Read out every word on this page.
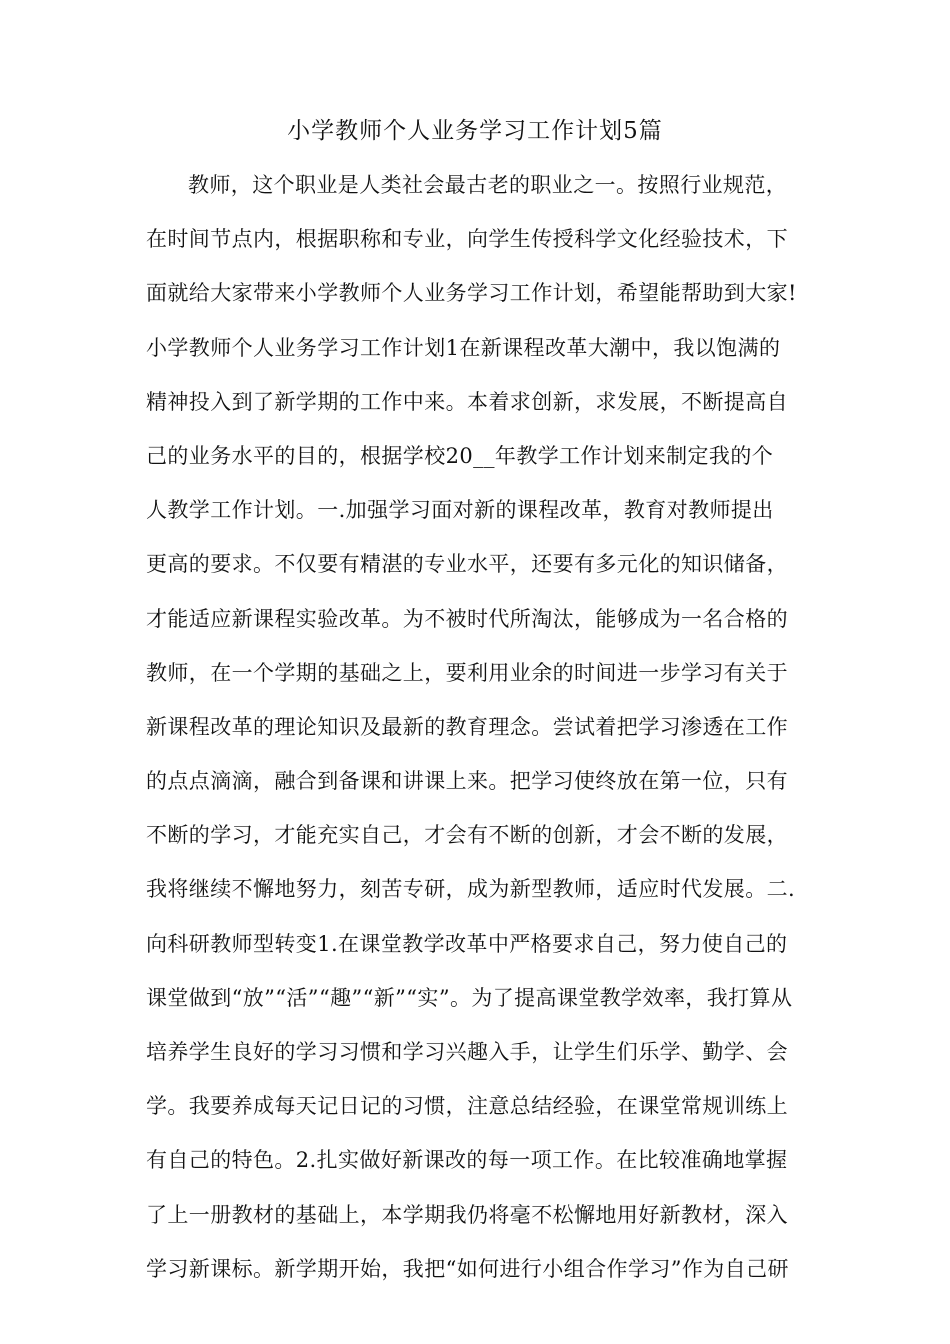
小学教师个人业务学习工作计划5篇
教师，这个职业是人类社会最古老的职业之一。按照行业规范，
在时间节点内，根据职称和专业，向学生传授科学文化经验技术，下
面就给大家带来小学教师个人业务学习工作计划，希望能帮助到大家!
小学教师个人业务学习工作计划1在新课程改革大潮中，我以饱满的
精神投入到了新学期的工作中来。本着求创新，求发展，不断提高自
己的业务水平的目的，根据学校20__年教学工作计划来制定我的个
人教学工作计划。一.加强学习面对新的课程改革，教育对教师提出
更高的要求。不仅要有精湛的专业水平，还要有多元化的知识储备，
才能适应新课程实验改革。为不被时代所淘汰，能够成为一名合格的
教师，在一个学期的基础之上，要利用业余的时间进一步学习有关于
新课程改革的理论知识及最新的教育理念。尝试着把学习渗透在工作
的点点滴滴，融合到备课和讲课上来。把学习使终放在第一位，只有
不断的学习，才能充实自己，才会有不断的创新，才会不断的发展，
我将继续不懈地努力，刻苦专研，成为新型教师，适应时代发展。二.
向科研教师型转变1.在课堂教学改革中严格要求自己，努力使自己的
课堂做到“放”“活”“趣”“新”“实”。为了提高课堂教学效率，我打算从
培养学生良好的学习习惯和学习兴趣入手，让学生们乐学、勤学、会
学。我要养成每天记日记的习惯，注意总结经验，在课堂常规训练上
有自己的特色。2.扎实做好新课改的每一项工作。在比较准确地掌握
了上一册教材的基础上，本学期我仍将毫不松懈地用好新教材，深入
学习新课标。新学期开始，我把“如何进行小组合作学习”作为自己研
